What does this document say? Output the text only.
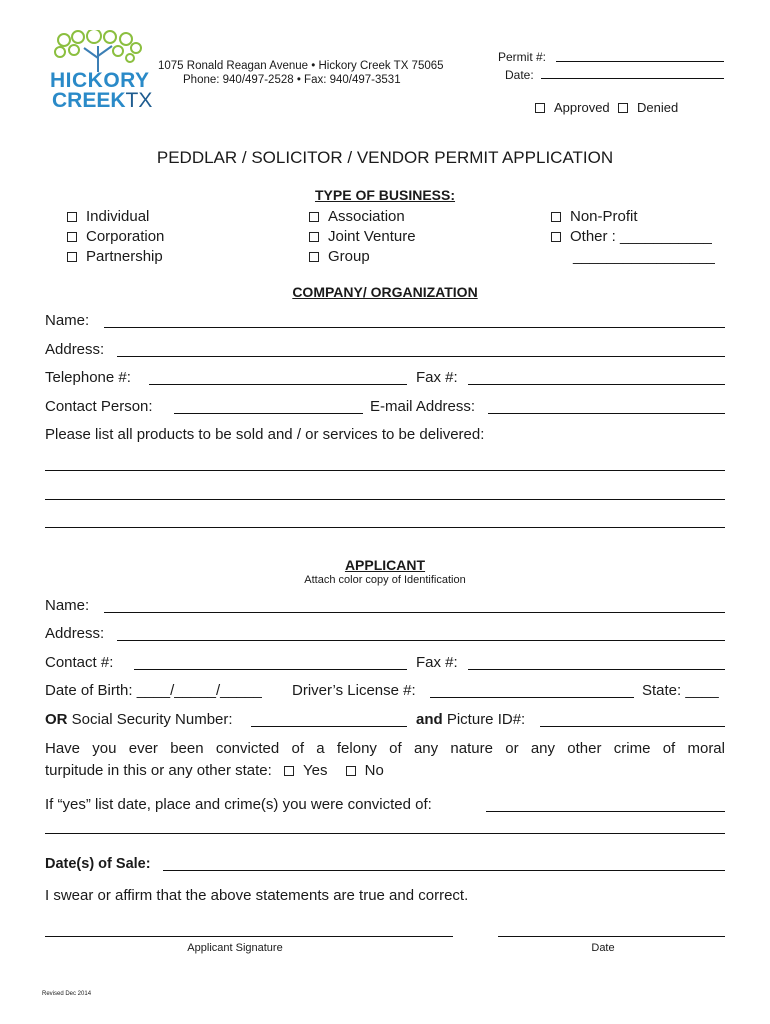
HICKORY
CREEKTX
1075 Ronald Reagan Avenue • Hickory Creek TX 75065
Phone: 940/497-2528 • Fax: 940/497-3531
Permit #:
Date:
Approved	Denied
PEDDLAR / SOLICITOR / VENDOR PERMIT APPLICATION
TYPE OF BUSINESS:
Individual
Corporation
Partnership
Association
Joint Venture
Group
Non-Profit
Other : ___________
_________________
COMPANY/ ORGANIZATION
Name:
Address:
Telephone #:	Fax #:
Contact Person:	E-mail Address:
Please list all products to be sold and / or services to be delivered:
APPLICANT
Attach color copy of Identification
Name:
Address:
Contact #:	Fax #:
Date of Birth: ____/_____/_____ Driver’s License #:	State: ____
OR Social Security Number:	and Picture ID#:
Have you ever been convicted of a felony of any nature or any other crime of moral
turpitude in this or any other state: Yes No
If “yes” list date, place and crime(s) you were convicted of:
Date(s) of Sale:
I swear or affirm that the above statements are true and correct.
Applicant Signature	Date
Revised Dec 2014
